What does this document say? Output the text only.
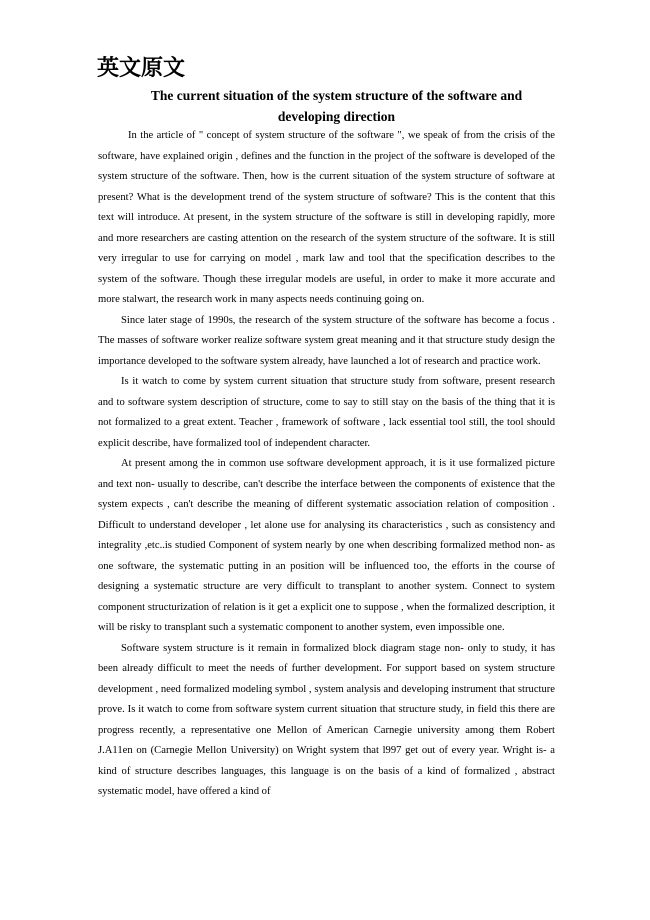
英文原文
The current situation of the system structure of the software and developing direction

In the article of " concept of system structure of the software ", we speak of from the crisis of the software, have explained origin , defines and the function in the project of the software is developed of the system structure of the software. Then, how is the current situation of the system structure of software at present? What is the development trend of the system structure of software? This is the content that this text will introduce. At present, in the system structure of the software is still in developing rapidly, more and more researchers are casting attention on the research of the system structure of the software. It is still very irregular to use for carrying on model , mark law and tool that the specification describes to the system of the software. Though these irregular models are useful, in order to make it more accurate and more stalwart, the research work in many aspects needs continuing going on.

Since later stage of 1990s, the research of the system structure of the software has become a focus . The masses of software worker realize software system great meaning and it that structure study design the importance developed to the software system already, have launched a lot of research and practice work.

Is it watch to come by system current situation that structure study from software, present research and to software system description of structure, come to say to still stay on the basis of the thing that it is not formalized to a great extent. Teacher , framework of software , lack essential tool still, the tool should explicit describe, have formalized tool of independent character.

At present among the in common use software development approach, it is it use formalized picture and text non- usually to describe, can't describe the interface between the components of existence that the system expects , can't describe the meaning of different systematic association relation of composition . Difficult to understand developer , let alone use for analysing its characteristics , such as consistency and integrality ,etc..is studied Component of system nearly by one when describing formalized method non- as one software, the systematic putting in an position will be influenced too, the efforts in the course of designing a systematic structure are very difficult to transplant to another system. Connect to system component structurization of relation is it get a explicit one to suppose , when the formalized description, it will be risky to transplant such a systematic component to another system, even impossible one.

Software system structure is it remain in formalized block diagram stage non- only to study, it has been already difficult to meet the needs of further development. For support based on system structure development , need formalized modeling symbol , system analysis and developing instrument that structure prove. Is it watch to come from software system current situation that structure study, in field this there are progress recently, a representative one Mellon of American Carnegie university among them Robert J.A11en on (Carnegie Mellon University) on Wright system that l997 get out of every year. Wright is- a kind of structure describes languages, this language is on the basis of a kind of formalized , abstract systematic model, have offered a kind of
